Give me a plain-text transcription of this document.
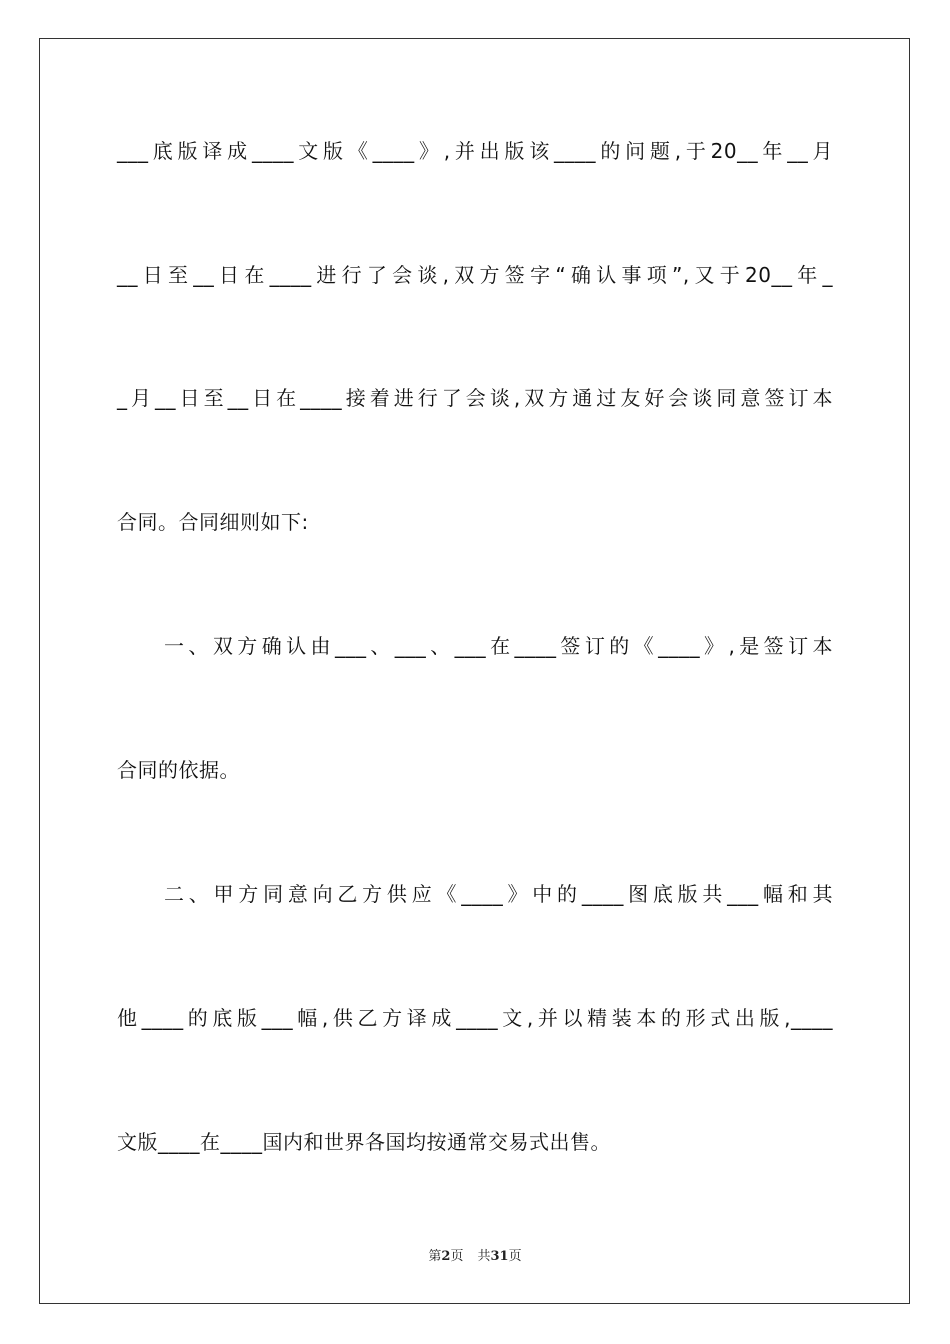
___底版译成____文版《____》,并出版该____的问题,于20__年__月
__日至__日在____进行了会谈,双方签字“确认事项”,又于20__年_
_月__日至__日在____接着进行了会谈,双方通过友好会谈同意签订本
合同。合同细则如下:
一、双方确认由___、___、___在____签订的《____》,是签订本
合同的依据。
二、甲方同意向乙方供应《____》中的____图底版共___幅和其
他____的底版___幅,供乙方译成____文,并以精装本的形式出版,____
文版____在____国内和世界各国均按通常交易式出售。
第2页 共31页
